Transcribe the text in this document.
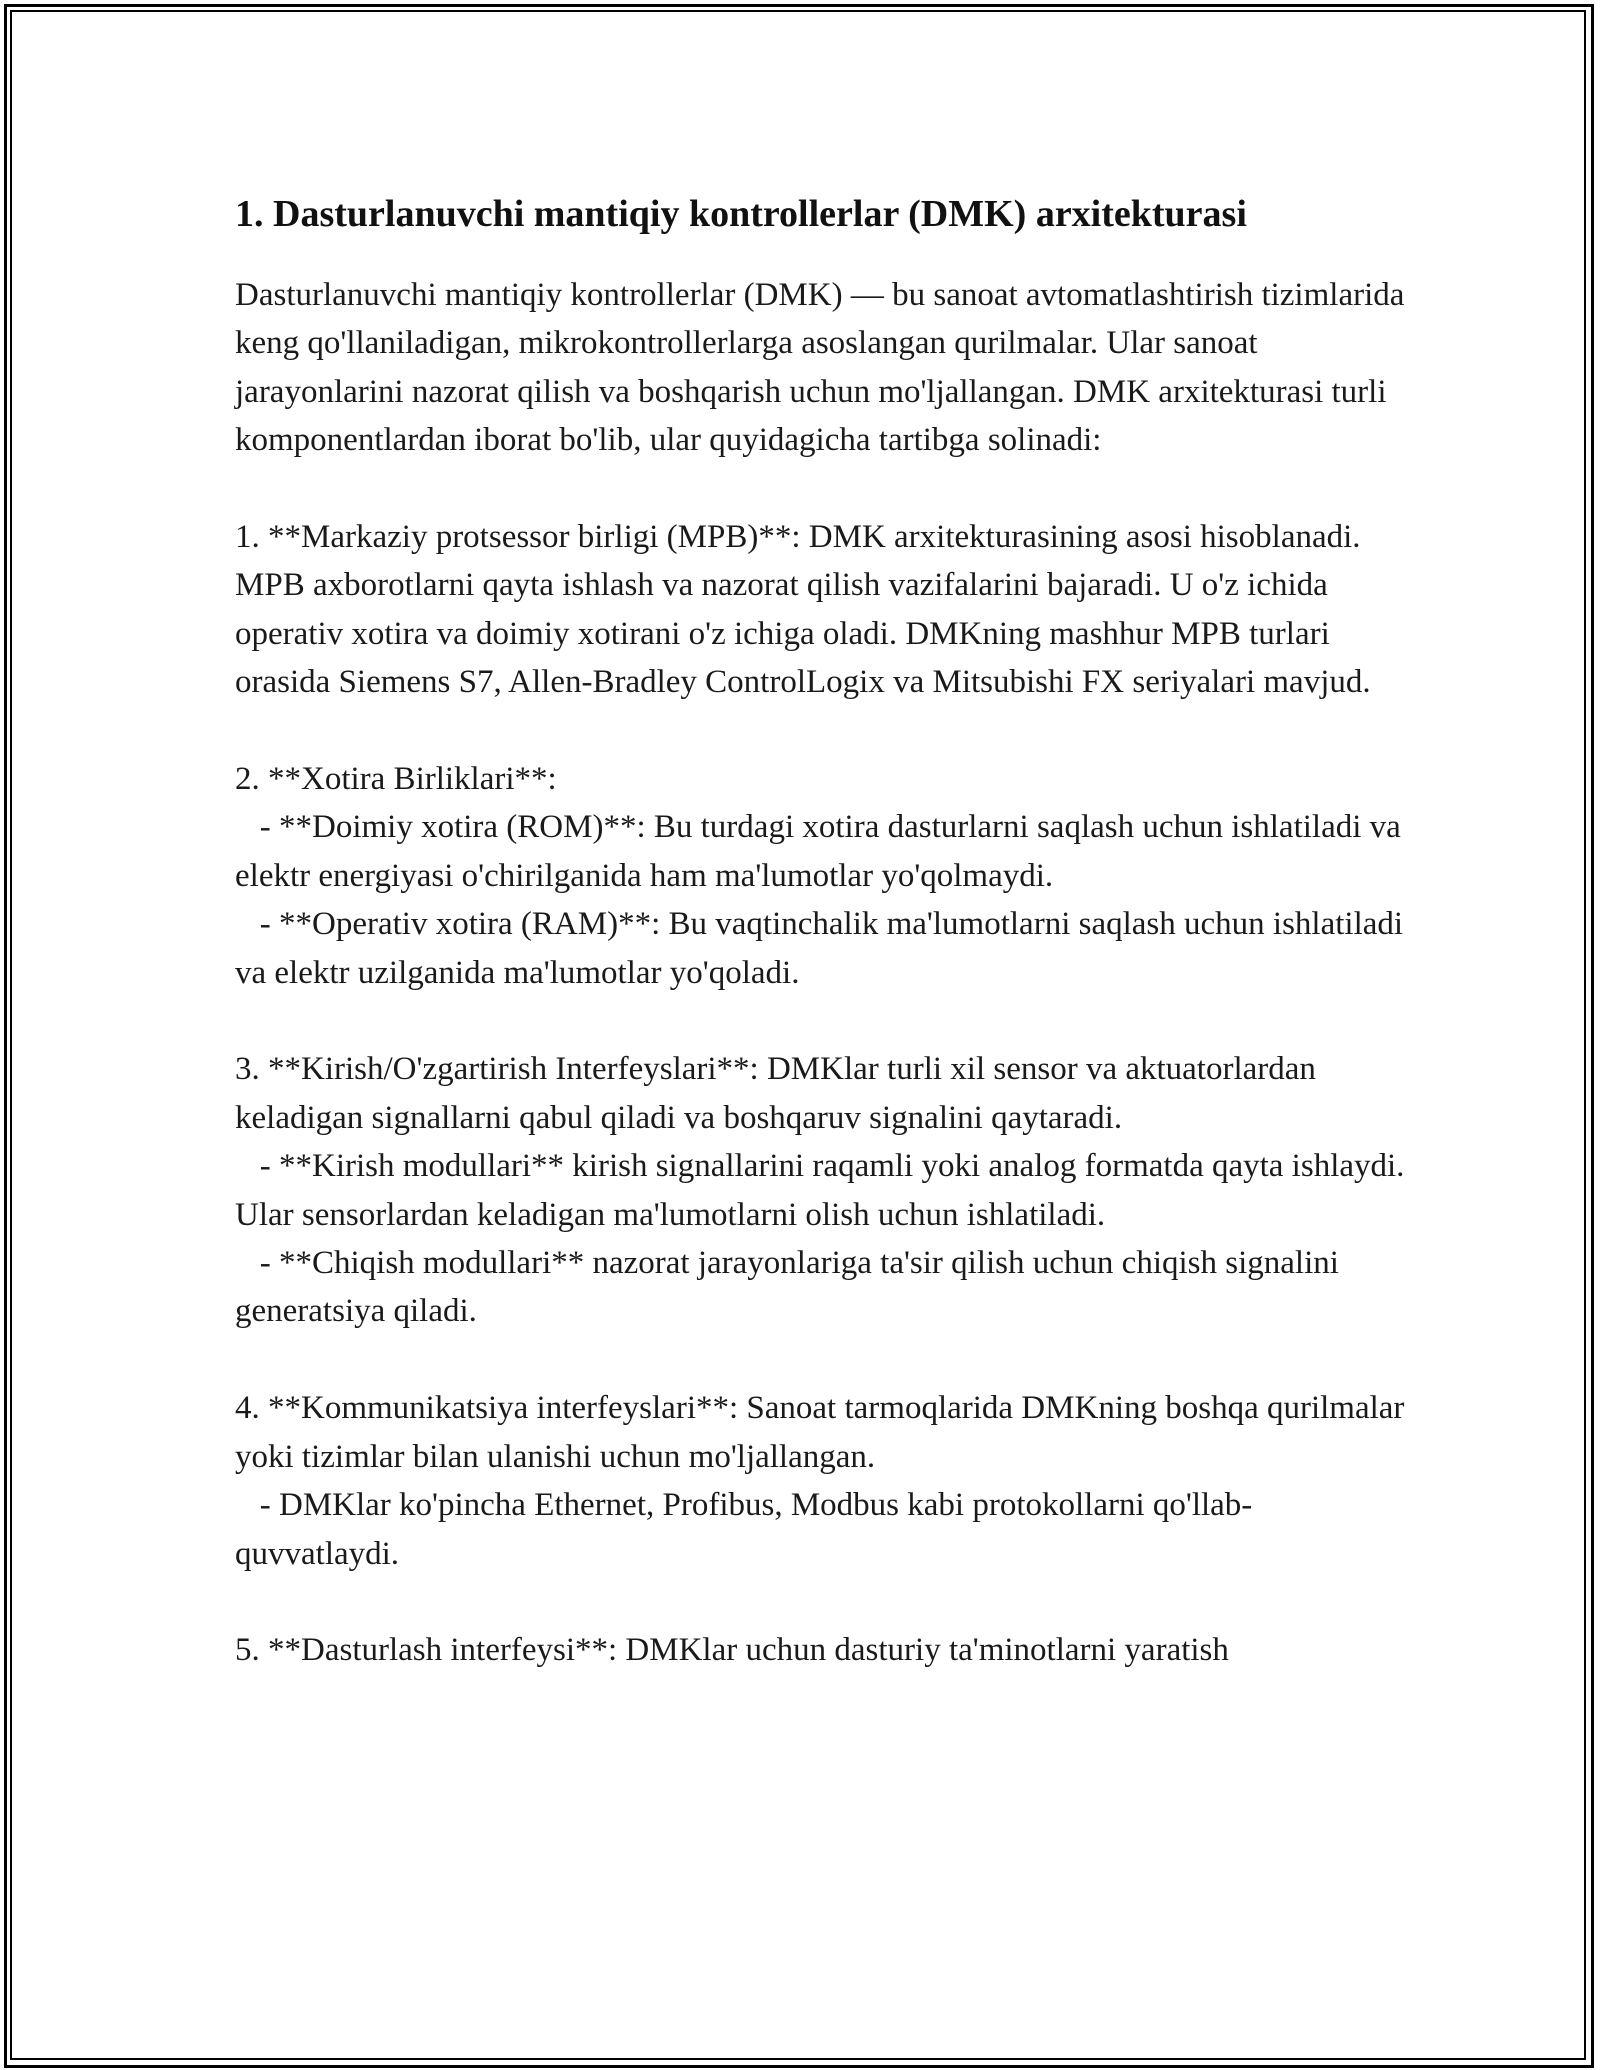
1. Dasturlanuvchi mantiqiy kontrollerlar (DMK) arxitekturasi

Dasturlanuvchi mantiqiy kontrollerlar (DMK) — bu sanoat avtomatlashtirish tizimlarida keng qo'llaniladigan, mikrokontrollerlarga asoslangan qurilmalar. Ular sanoat jarayonlarini nazorat qilish va boshqarish uchun mo'ljallangan. DMK arxitekturasi turli komponentlardan iborat bo'lib, ular quyidagicha tartibga solinadi:

1. **Markaziy protsessor birligi (MPB)**: DMK arxitekturasining asosi hisoblanadi. MPB axborotlarni qayta ishlash va nazorat qilish vazifalarini bajaradi. U o'z ichida operativ xotira va doimiy xotirani o'z ichiga oladi. DMKning mashhur MPB turlari orasida Siemens S7, Allen-Bradley ControlLogix va Mitsubishi FX seriyalari mavjud.

2. **Xotira Birliklari**:

- **Doimiy xotira (ROM)**: Bu turdagi xotira dasturlarni saqlash uchun ishlatiladi va elektr energiyasi o'chirilganida ham ma'lumotlar yo'qolmaydi.

- **Operativ xotira (RAM)**: Bu vaqtinchalik ma'lumotlarni saqlash uchun ishlatiladi va elektr uzilganida ma'lumotlar yo'qoladi.

3. **Kirish/O'zgartirish Interfeyslari**: DMKlar turli xil sensor va aktuatorlardan keladigan signallarni qabul qiladi va boshqaruv signalini qaytaradi.

- **Kirish modullari** kirish signallarini raqamli yoki analog formatda qayta ishlaydi. Ular sensorlardan keladigan ma'lumotlarni olish uchun ishlatiladi.

- **Chiqish modullari** nazorat jarayonlariga ta'sir qilish uchun chiqish signalini generatsiya qiladi.

4. **Kommunikatsiya interfeyslari**: Sanoat tarmoqlarida DMKning boshqa qurilmalar yoki tizimlar bilan ulanishi uchun mo'ljallangan.

- DMKlar ko'pincha Ethernet, Profibus, Modbus kabi protokollarni qo'llab-quvvatlaydi.

5. **Dasturlash interfeysi**: DMKlar uchun dasturiy ta'minotlarni yaratish
